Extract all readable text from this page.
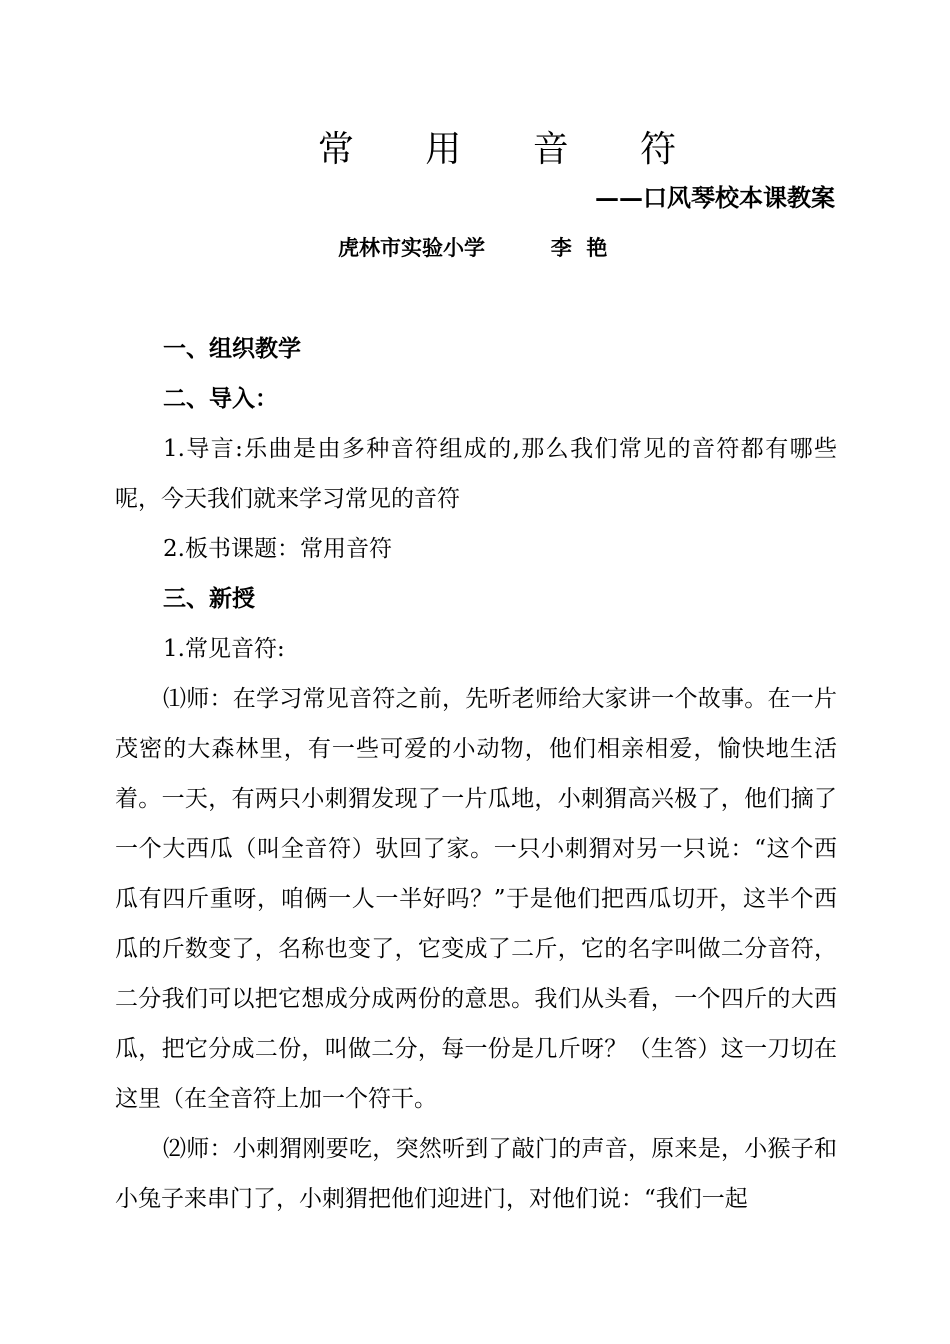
常 用 音 符
——口风琴校本课教案
虎林市实验小学         李  艳

一、组织教学

二、导入：

1.导言:乐曲是由多种音符组成的,那么我们常见的音符都有哪些呢，今天我们就来学习常见的音符

2.板书课题：常用音符

三、新授

1.常见音符:

⑴师：在学习常见音符之前，先听老师给大家讲一个故事。在一片茂密的大森林里，有一些可爱的小动物，他们相亲相爱，愉快地生活着。一天，有两只小刺猬发现了一片瓜地，小刺猬高兴极了，他们摘了一个大西瓜（叫全音符）驮回了家。一只小刺猬对另一只说：“这个西瓜有四斤重呀，咱俩一人一半好吗？”于是他们把西瓜切开，这半个西瓜的斤数变了，名称也变了，它变成了二斤，它的名字叫做二分音符，二分我们可以把它想成分成两份的意思。我们从头看，一个四斤的大西瓜，把它分成二份，叫做二分，每一份是几斤呀？（生答）这一刀切在这里（在全音符上加一个符干。

⑵师：小刺猬刚要吃，突然听到了敲门的声音，原来是，小猴子和小兔子来串门了，小刺猬把他们迎进门，对他们说：“我们一起
